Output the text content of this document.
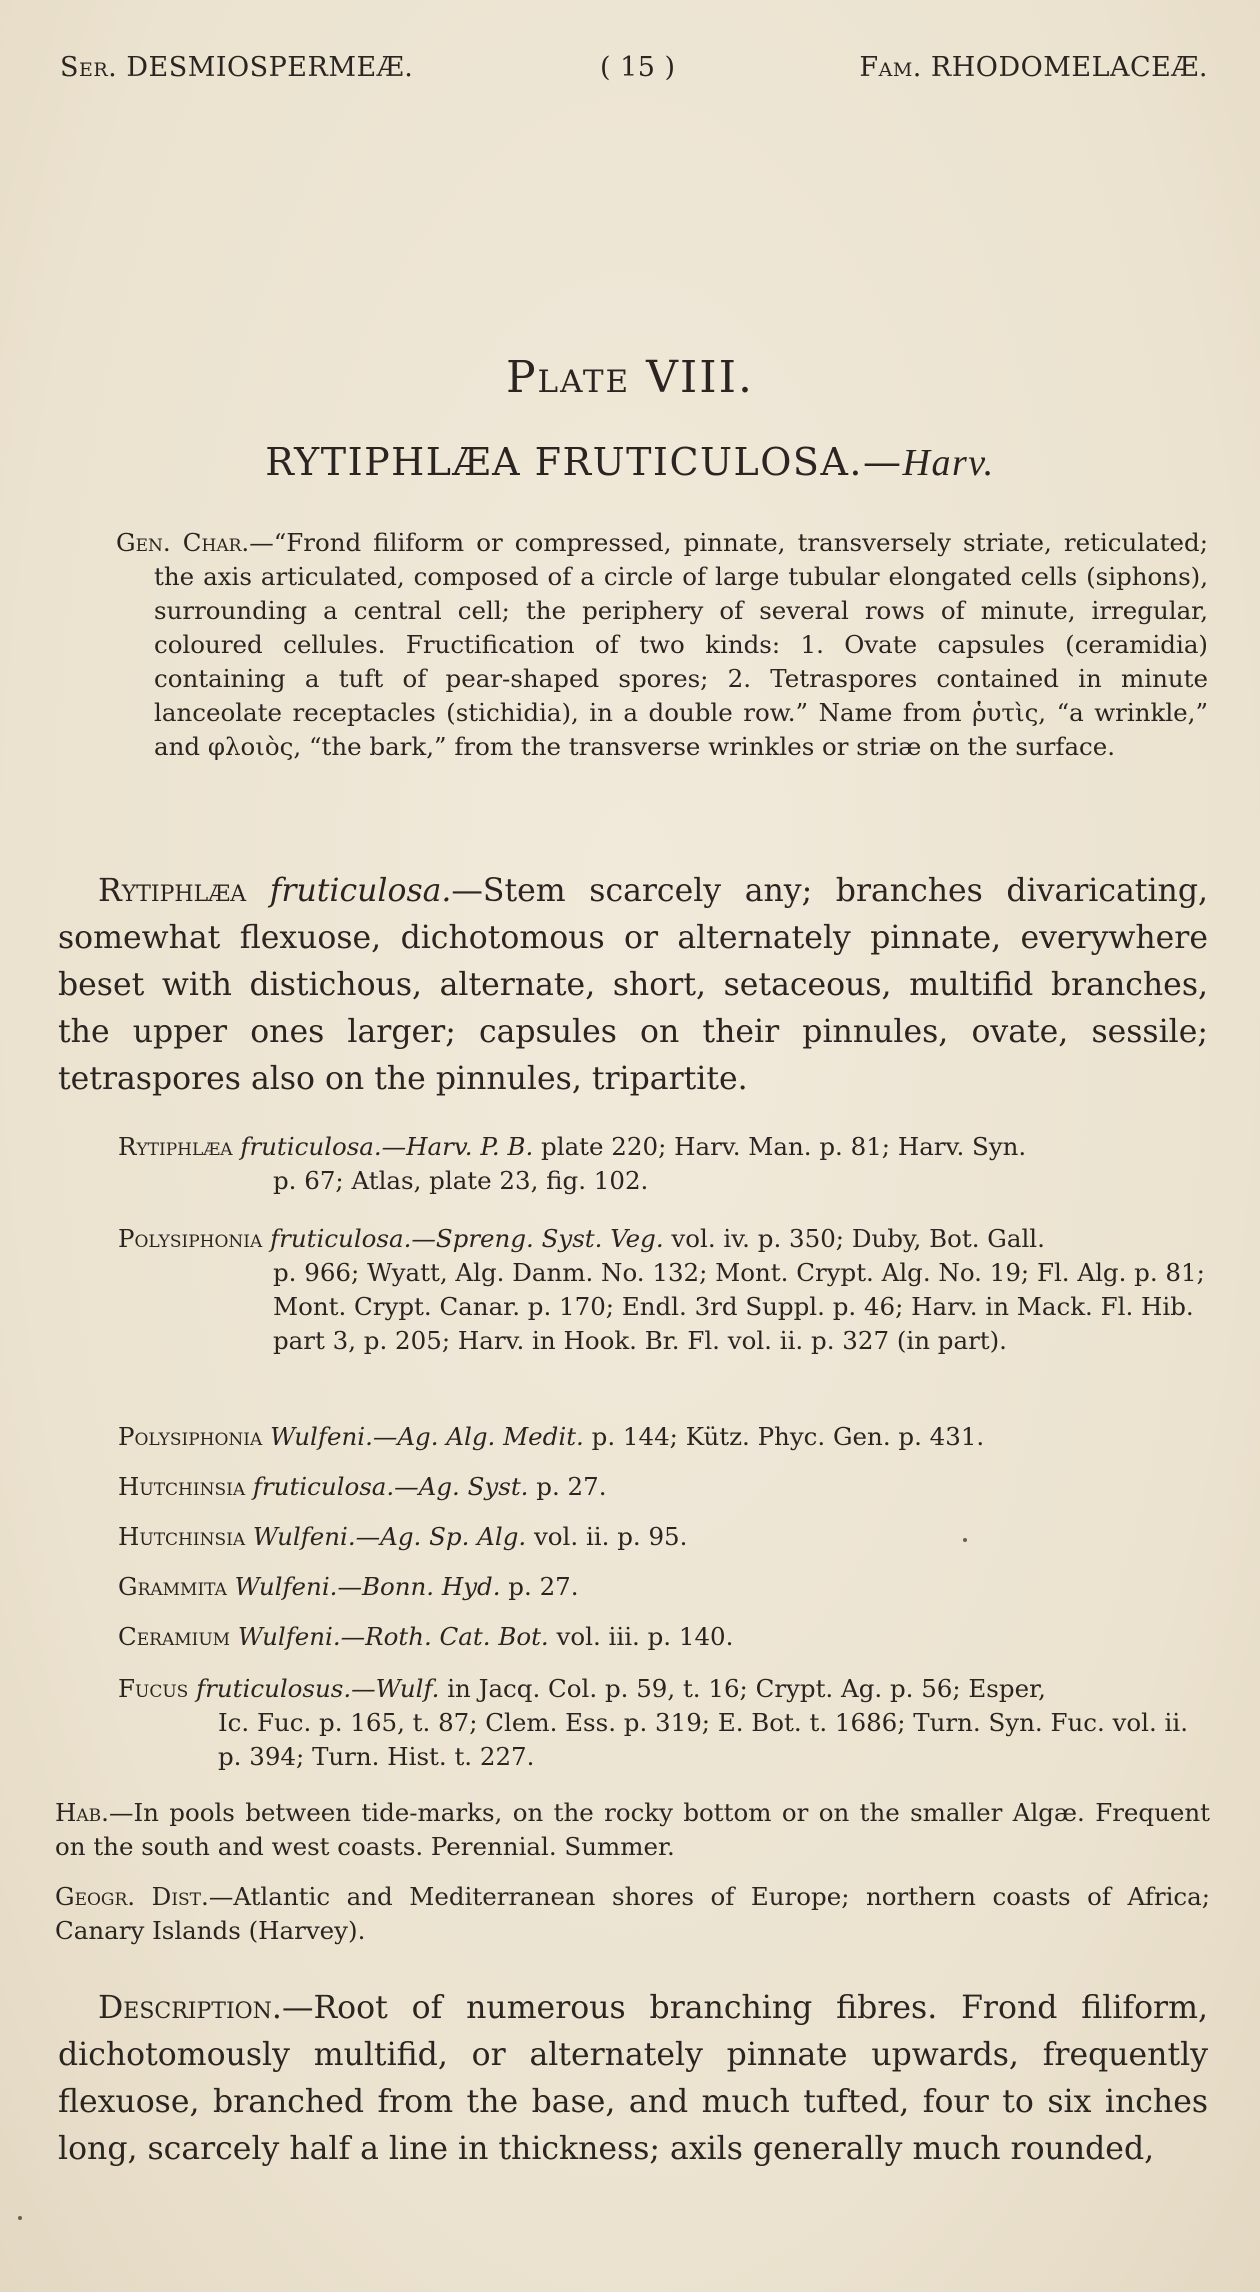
Ser. DESMIOSPERMEÆ.	( 15 )	Fam. RHODOMELACEÆ.
Plate VIII.
RYTIPHLÆA FRUTICULOSA.—Harv.

Gen. Char.—“Frond filiform or compressed, pinnate, transversely striate, reticulated; the axis articulated, composed of a circle of large tubular elongated cells (siphons), surrounding a central cell; the periphery of several rows of minute, irregular, coloured cellules. Fructification of two kinds: 1. Ovate capsules (ceramidia) containing a tuft of pear-shaped spores; 2. Tetraspores contained in minute lanceolate receptacles (stichidia), in a double row.” Name from ῥυτὶς, “a wrinkle,” and φλοιὸς, “the bark,” from the transverse wrinkles or striæ on the surface.

Rytiphlæa fruticulosa.—Stem scarcely any; branches divaricating, somewhat flexuose, dichotomous or alternately pinnate, everywhere beset with distichous, alternate, short, setaceous, multifid branches, the upper ones larger; capsules on their pinnules, ovate, sessile; tetraspores also on the pinnules, tripartite.

Rytiphlæa fruticulosa.—Harv. P. B. plate 220; Harv. Man. p. 81; Harv. Syn.
p. 67; Atlas, plate 23, fig. 102.
Polysiphonia fruticulosa.—Spreng. Syst. Veg. vol. iv. p. 350; Duby, Bot. Gall.
p. 966; Wyatt, Alg. Danm. No. 132; Mont. Crypt. Alg. No. 19; Fl. Alg. p. 81; Mont. Crypt. Canar. p. 170; Endl. 3rd Suppl. p. 46; Harv. in Mack. Fl. Hib. part 3, p. 205; Harv. in Hook. Br. Fl. vol. ii. p. 327 (in part).
Polysiphonia Wulfeni.—Ag. Alg. Medit. p. 144; Kütz. Phyc. Gen. p. 431.
Hutchinsia fruticulosa.—Ag. Syst. p. 27.
Hutchinsia Wulfeni.—Ag. Sp. Alg. vol. ii. p. 95.
Grammita Wulfeni.—Bonn. Hyd. p. 27.
Ceramium Wulfeni.—Roth. Cat. Bot. vol. iii. p. 140.
Fucus fruticulosus.—Wulf. in Jacq. Col. p. 59, t. 16; Crypt. Ag. p. 56; Esper,
Ic. Fuc. p. 165, t. 87; Clem. Ess. p. 319; E. Bot. t. 1686; Turn. Syn. Fuc. vol. ii. p. 394; Turn. Hist. t. 227.
Hab.—In pools between tide-marks, on the rocky bottom or on the smaller Algæ. Frequent on the south and west coasts. Perennial. Summer.
Geogr. Dist.—Atlantic and Mediterranean shores of Europe; northern coasts of Africa; Canary Islands (Harvey).

Description.—Root of numerous branching fibres. Frond filiform, dichotomously multifid, or alternately pinnate upwards, frequently flexuose, branched from the base, and much tufted, four to six inches long, scarcely half a line in thickness; axils generally much rounded,
